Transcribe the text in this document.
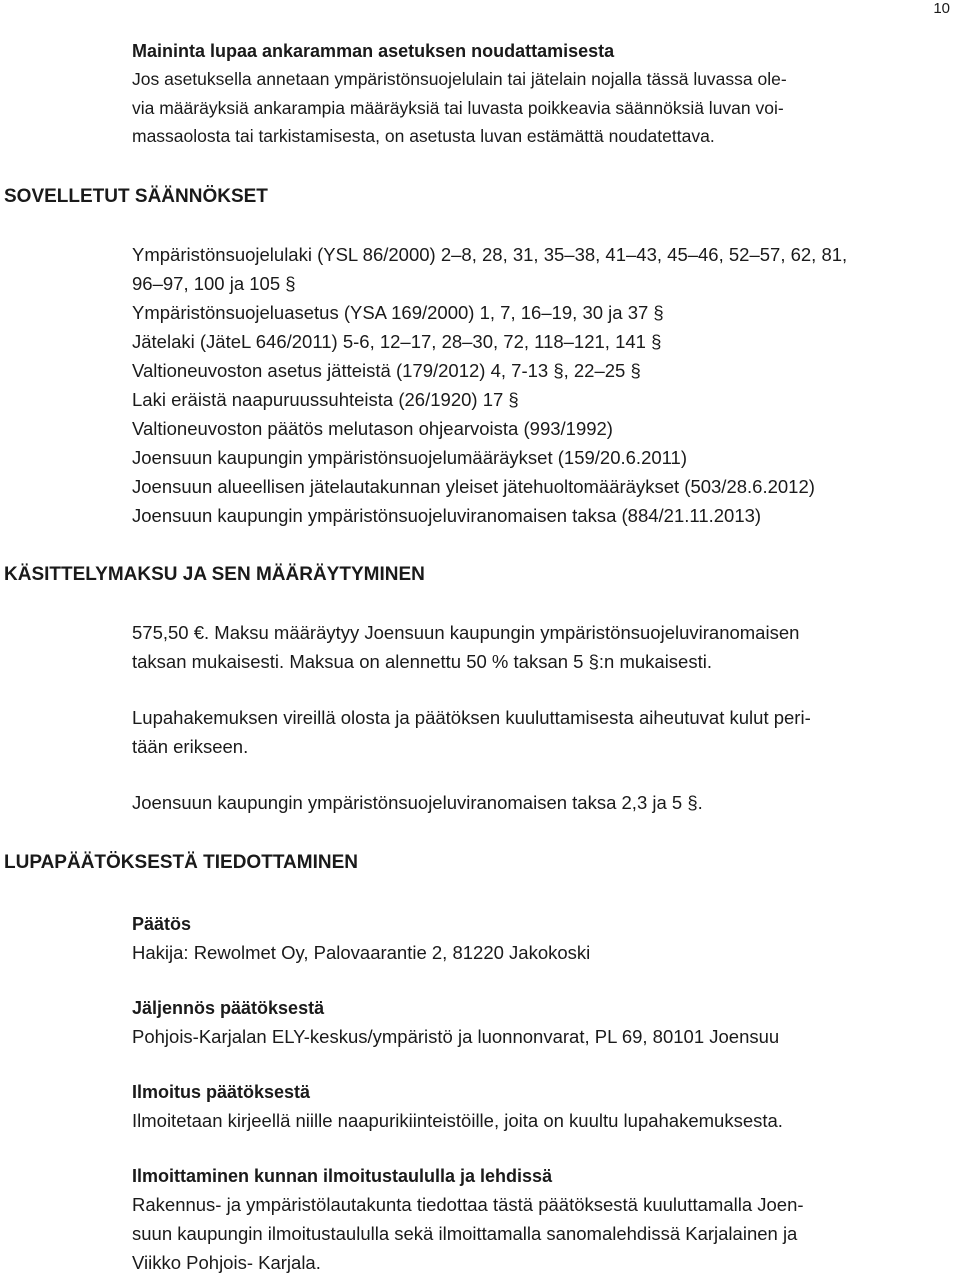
10
Maininta lupaa ankaramman asetuksen noudattamisesta
Jos asetuksella annetaan ympäristönsuojelulain tai jätelain nojalla tässä luvassa ole-
via määräyksiä ankarampia määräyksiä tai luvasta poikkeavia säännöksiä luvan voi-
massaolosta tai tarkistamisesta, on asetusta luvan estämättä noudatettava.
SOVELLETUT SÄÄNNÖKSET
Ympäristönsuojelulaki (YSL 86/2000) 2–8, 28, 31, 35–38, 41–43, 45–46, 52–57, 62, 81,
96–97, 100 ja 105 §
Ympäristönsuojeluasetus (YSA 169/2000) 1, 7, 16–19, 30 ja 37 §
Jätelaki (JäteL 646/2011) 5-6, 12–17, 28–30, 72, 118–121, 141 §
Valtioneuvoston asetus jätteistä (179/2012) 4, 7-13 §, 22–25 §
Laki eräistä naapuruussuhteista (26/1920) 17 §
Valtioneuvoston päätös melutason ohjearvoista (993/1992)
Joensuun kaupungin ympäristönsuojelumääräykset (159/20.6.2011)
Joensuun alueellisen jätelautakunnan yleiset jätehuoltomääräykset (503/28.6.2012)
Joensuun kaupungin ympäristönsuojeluviranomaisen taksa (884/21.11.2013)
KÄSITTELYMAKSU JA SEN MÄÄRÄYTYMINEN
575,50 €. Maksu määräytyy Joensuun kaupungin ympäristönsuojeluviranomaisen
taksan mukaisesti. Maksua on alennettu 50 % taksan 5 §:n mukaisesti.
Lupahakemuksen vireillä olosta ja päätöksen kuuluttamisesta aiheutuvat kulut peri-
tään erikseen.
Joensuun kaupungin ympäristönsuojeluviranomaisen taksa 2,3 ja 5 §.
LUPAPÄÄTÖKSESTÄ TIEDOTTAMINEN
Päätös
Hakija: Rewolmet Oy, Palovaarantie 2, 81220 Jakokoski
Jäljennös päätöksestä
Pohjois-Karjalan ELY-keskus/ympäristö ja luonnonvarat, PL 69, 80101 Joensuu
Ilmoitus päätöksestä
Ilmoitetaan kirjeellä niille naapurikiinteistöille, joita on kuultu lupahakemuksesta.
Ilmoittaminen kunnan ilmoitustaululla ja lehdissä
Rakennus- ja ympäristölautakunta tiedottaa tästä päätöksestä kuuluttamalla Joen-
suun kaupungin ilmoitustaululla sekä ilmoittamalla sanomalehdissä Karjalainen ja
Viikko Pohjois- Karjala.
